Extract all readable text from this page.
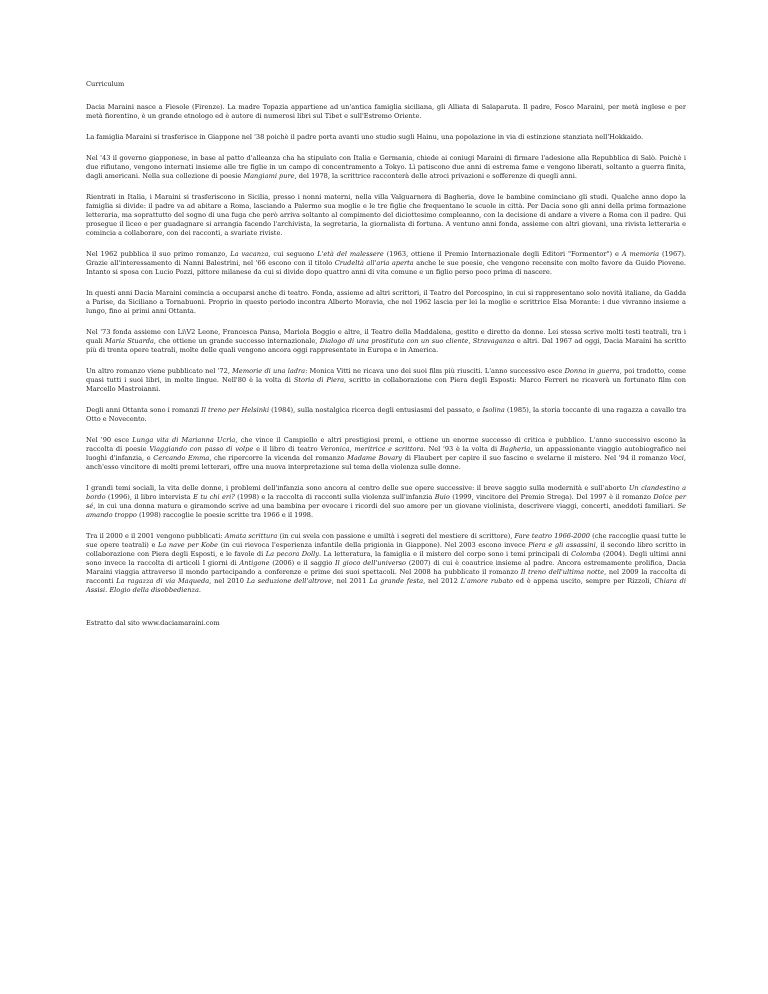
Curriculum

Dacia Maraini nasce a Fiesole (Firenze). La madre Topazia appartiene ad un'antica famiglia siciliana, gli Alliata di Salaparuta. Il padre, Fosco Maraini, per metà inglese e per metà fiorentino, è un grande etnologo ed è autore di numerosi libri sul Tibet e sull'Estremo Oriente.

La famiglia Maraini si trasferisce in Giappone nel '38 poichè il padre porta avanti uno studio sugli Hainu, una popolazione in via di estinzione stanziata nell'Hokkaido.

Nel '43 il governo giapponese, in base al patto d'alleanza cha ha stipulato con Italia e Germania, chiede ai coniugi Maraini di firmare l'adesione alla Repubblica di Salò. Poichè i due rifiutano, vengono internati insieme alle tre figlie in un campo di concentramento a Tokyo. Lì patiscono due anni di estrema fame e vengono liberati, soltanto a guerra finita, dagli americani. Nella sua collezione di poesie Mangiami pure, del 1978, la scrittrice racconterà delle atroci privazioni e sofferenze di quegli anni.

Rientrati in Italia, i Maraini si trasferiscono in Sicilia, presso i nonni materni, nella villa Valguarnera di Bagheria, dove le bambine cominciano gli studi. Qualche anno dopo la famiglia si divide: il padre va ad abitare a Roma, lasciando a Palermo sua moglie e le tre figlie che frequentano le scuole in città. Per Dacia sono gli anni della prima formazione letteraria, ma soprattutto del sogno di una fuga che però arriva soltanto al compimento del diciottesimo compleanno, con la decisione di andare a vivere a Roma con il padre. Qui prosegue il liceo e per guadagnare si arrangia facendo l'archivista, la segretaria, la giornalista di fortuna. A ventuno anni fonda, assieme con altri giovani, una rivista letteraria e comincia a collaborare, con dei racconti, a svariate riviste.

Nel 1962 pubblica il suo primo romanzo, La vacanza, cui seguono L'età del malessere (1963, ottiene il Premio Internazionale degli Editori "Formentor") e A memoria (1967). Grazie all'interessamento di Nanni Balestrini, nel '66 escono con il titolo Crudeltà all'aria aperta anche le sue poesie, che vengono recensite con molto favore da Guido Piovene. Intanto si sposa con Lucio Pozzi, pittore milanese da cui si divide dopo quattro anni di vita comune e un figlio perso poco prima di nascere.

In questi anni Dacia Maraini comincia a occuparsi anche di teatro. Fonda, assieme ad altri scrittori, il Teatro del Porcospino, in cui si rappresentano solo novità italiane, da Gadda a Parise, da Siciliano a Tornabuoni. Proprio in questo periodo incontra Alberto Moravia, che nel 1962 lascia per lei la moglie e scrittrice Elsa Morante: i due vivranno insieme a lungo, fino ai primi anni Ottanta.

Nel '73 fonda assieme con Li\V2 Leone, Francesca Pansa, Mariola Boggio e altre, il Teatro della Maddalena, gestito e diretto da donne. Lei stessa scrive molti testi teatrali, tra i quali Maria Stuarda, che ottiene un grande successo internazionale, Dialogo di una prostituta con un suo cliente, Stravaganza e altri. Dal 1967 ad oggi, Dacia Maraini ha scritto più di trenta opere teatrali, molte delle quali vengono ancora oggi rappresentate in Europa e in America.

Un altro romanzo viene pubblicato nel '72, Memorie di una ladra: Monica Vitti ne ricava uno dei suoi film più riusciti. L'anno successivo esce Donna in guerra, poi tradotto, come quasi tutti i suoi libri, in molte lingue. Nell'80 è la volta di Storia di Piera, scritto in collaborazione con Piera degli Esposti: Marco Ferreri ne ricaverà un fortunato film con Marcello Mastroianni.

Degli anni Ottanta sono i romanzi Il treno per Helsinki (1984), sulla nostalgica ricerca degli entusiasmi del passato, e Isolina (1985), la storia toccante di una ragazza a cavallo tra Otto e Novecento.

Nel '90 esce Lunga vita di Marianna Ucrìa, che vince il Campiello e altri prestigiosi premi, e ottiene un enorme successo di critica e pubblico. L'anno successivo escono la raccolta di poesie Viaggiando con passo di volpe e il libro di teatro Veronica, meritrice e scrittora. Nel '93 è la volta di Bagheria, un appassionante viaggio autobiografico nei luoghi d'infanzia, e Cercando Emma, che ripercorre la vicenda del romanzo Madame Bovary di Flaubert per capire il suo fascino e svelarne il mistero. Nel '94 il romanzo Voci, anch'esso vincitore di molti premi letterari, offre una nuova interpretazione sul tema della violenza sulle donne.

I grandi temi sociali, la vita delle donne, i problemi dell'infanzia sono ancora al centro delle sue opere successive: il breve saggio sulla modernità e sull'aborto Un clandestino a bordo (1996), il libro intervista E tu chi eri? (1998) e la raccolta di racconti sulla violenza sull'infanzia Buio (1999, vincitore del Premio Strega). Del 1997 è il romanzo Dolce per sé, in cui una donna matura e giramondo scrive ad una bambina per evocare i ricordi del suo amore per un giovane violinista, descrivere viaggi, concerti, aneddoti familiari. Se amando troppo (1998) raccoglie le poesie scritte tra 1966 e il 1998.

Tra il 2000 e il 2001 vengono pubblicati: Amata scrittura (in cui svela con passione e umiltà i segreti del mestiere di scrittore), Fare teatro 1966-2000 (che raccoglie quasi tutte le sue opere teatrali) e La nave per Kobe (in cui rievoca l'esperienza infantile della prigionia in Giappone). Nel 2003 escono invece Piera e gli assassini, il secondo libro scritto in collaborazione con Piera degli Esposti, e le favole di La pecora Dolly. La letteratura, la famiglia e il mistero del corpo sono i temi principali di Colomba (2004). Degli ultimi anni sono invece la raccolta di articoli I giorni di Antigone (2006) e il saggio Il gioco dell'universo (2007) di cui è coautrice insieme al padre. Ancora estremamente prolifica, Dacia Maraini viaggia attraverso il mondo partecipando a conferenze e prime dei suoi spettacoli. Nel 2008 ha pubblicato il romanzo Il treno dell'ultima notte, nel 2009 la raccolta di racconti La ragazza di via Maqueda, nel 2010 La seduzione dell'altrove, nel 2011 La grande festa, nel 2012 L'amore rubato ed è appena uscito, sempre per Rizzoli, Chiara di Assisi. Elogio della disobbedienza.

Estratto dal sito www.daciamaraini.com
